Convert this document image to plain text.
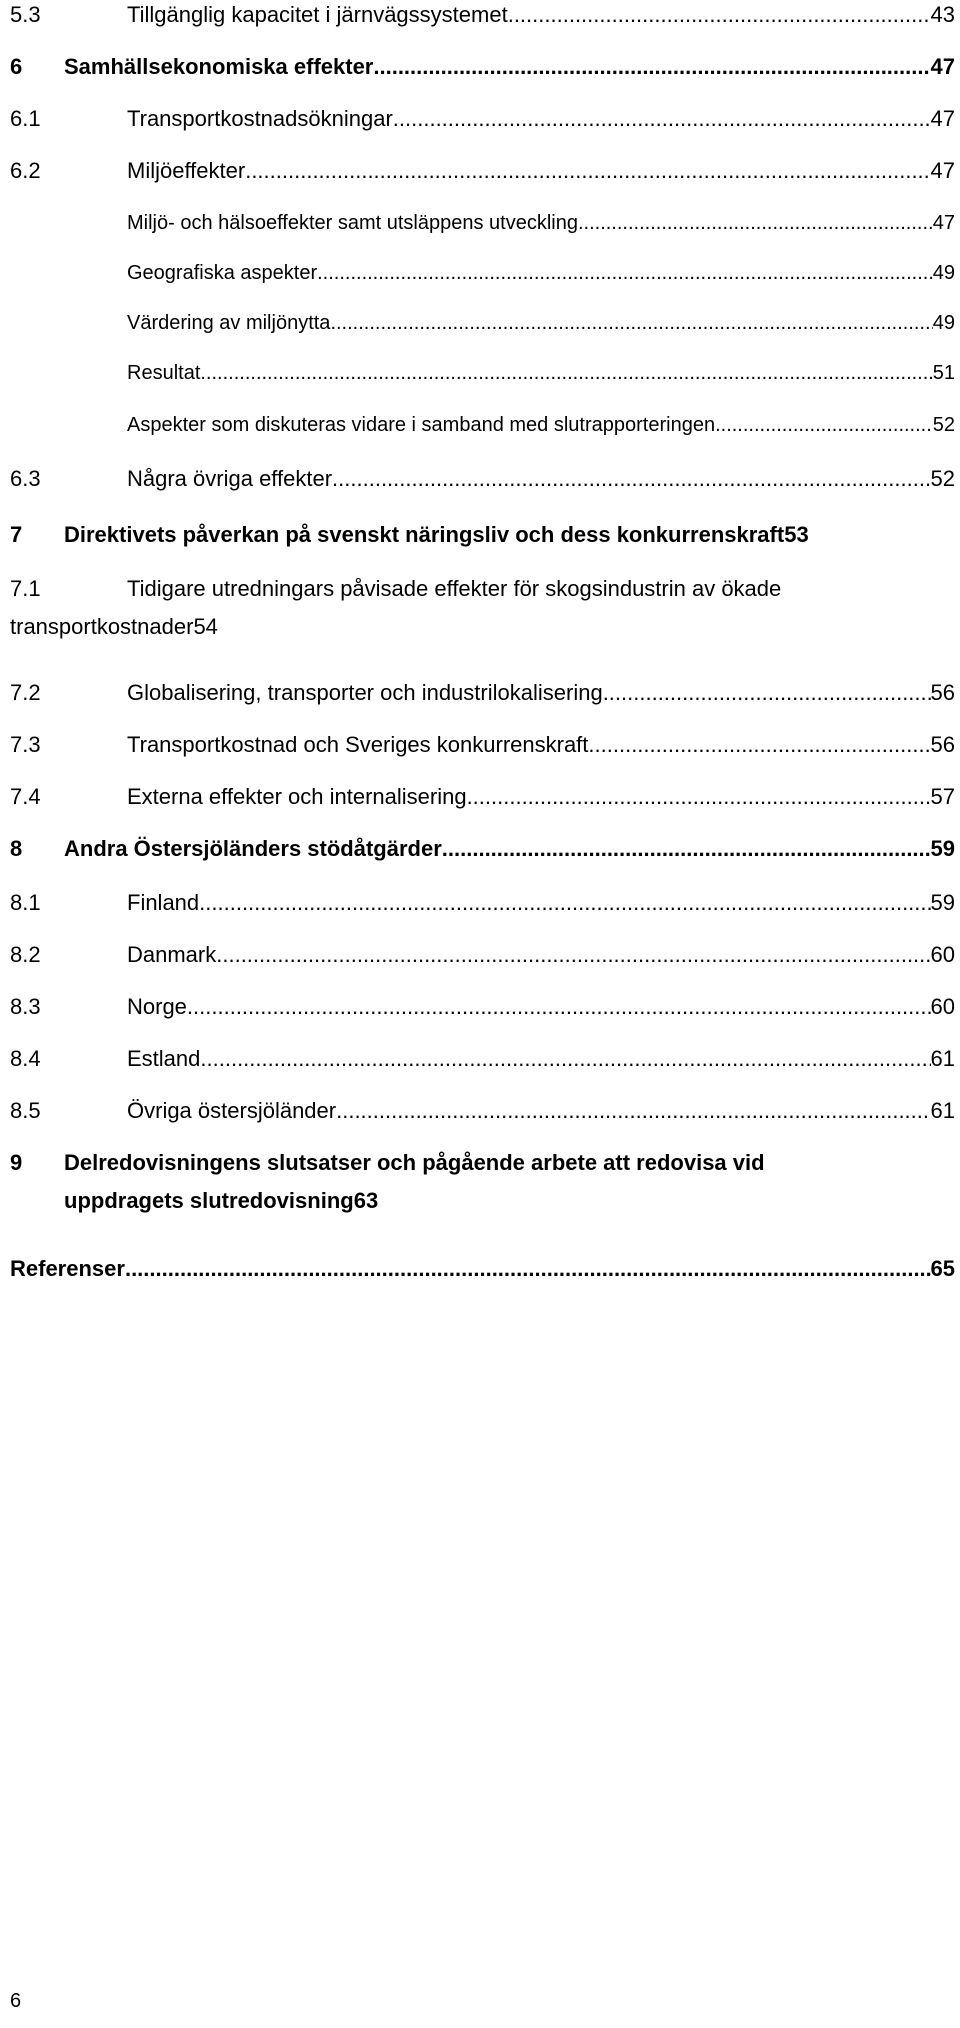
5.3	Tillgänglig kapacitet i järnvägssystemet .....	43
6	Samhällsekonomiska effekter .....	47
6.1	Transportkostnadsökningar .....	47
6.2	Miljöeffekter .....	47
Miljö- och hälsoeffekter samt utsläppens utveckling .....	47
Geografiska aspekter .....	49
Värdering av miljönytta .....	49
Resultat .....	51
Aspekter som diskuteras vidare i samband med slutrapporteringen .....	52
6.3	Några övriga effekter .....	52
7	Direktivets påverkan på svenskt näringsliv och dess konkurrenskraft 53
7.1	Tidigare utredningars påvisade effekter för skogsindustrin av ökade
transportkostnader 54
7.2	Globalisering, transporter och industrilokalisering .....	56
7.3	Transportkostnad och Sveriges konkurrenskraft. .....	56
7.4	Externa effekter och internalisering .....	57
8	Andra Östersjöländers stödåtgärder .....	59
8.1	Finland .....	59
8.2	Danmark .....	60
8.3	Norge .....	60
8.4	Estland .....	61
8.5	Övriga östersjöländer .....	61
9 Delredovisningens slutsatser och pågående arbete att redovisa vid
uppdragets slutredovisning 63
Referenser .....	65
6
